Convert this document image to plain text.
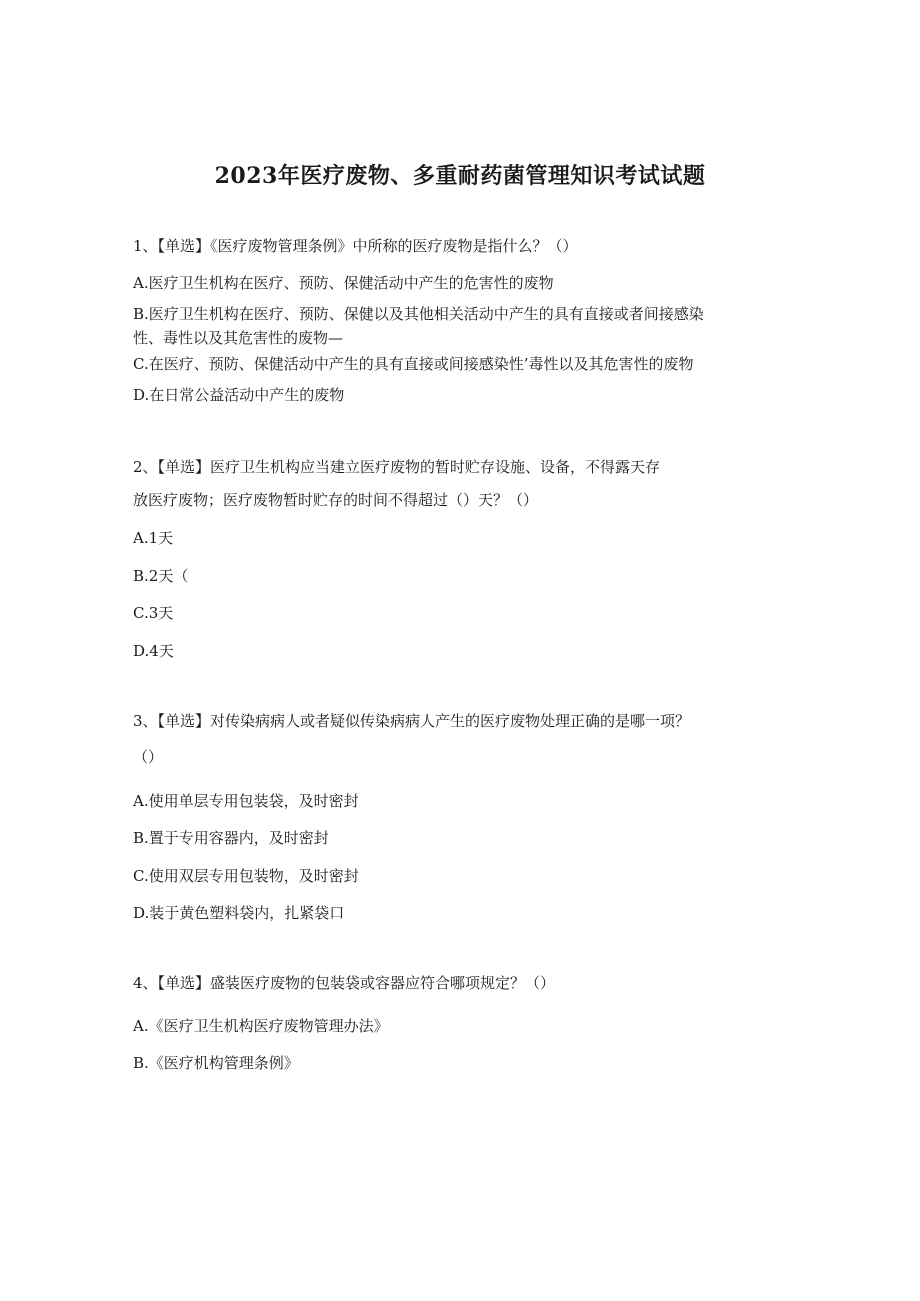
2023年医疗废物、多重耐药菌管理知识考试试题
1、【单选】《医疗废物管理条例》中所称的医疗废物是指什么？（）
A.医疗卫生机构在医疗、预防、保健活动中产生的危害性的废物
B.医疗卫生机构在医疗、预防、保健以及其他相关活动中产生的具有直接或者间接感染
性、毒性以及其危害性的废物—
C.在医疗、预防、保健活动中产生的具有直接或间接感染性’毒性以及其危害性的废物
D.在日常公益活动中产生的废物
2、【单选】医疗卫生机构应当建立医疗废物的暂时贮存设施、设备，不得露天存
放医疗废物；医疗废物暂时贮存的时间不得超过（）天？（）
A.1天
B.2天（
C.3天
D.4天
3、【单选】对传染病病人或者疑似传染病病人产生的医疗废物处理正确的是哪一项？
（）
A.使用单层专用包装袋，及时密封
B.置于专用容器内，及时密封
C.使用双层专用包装物，及时密封
D.装于黄色塑料袋内，扎紧袋口
4、【单选】盛装医疗废物的包装袋或容器应符合哪项规定？（）
A.《医疗卫生机构医疗废物管理办法》
B.《医疗机构管理条例》
